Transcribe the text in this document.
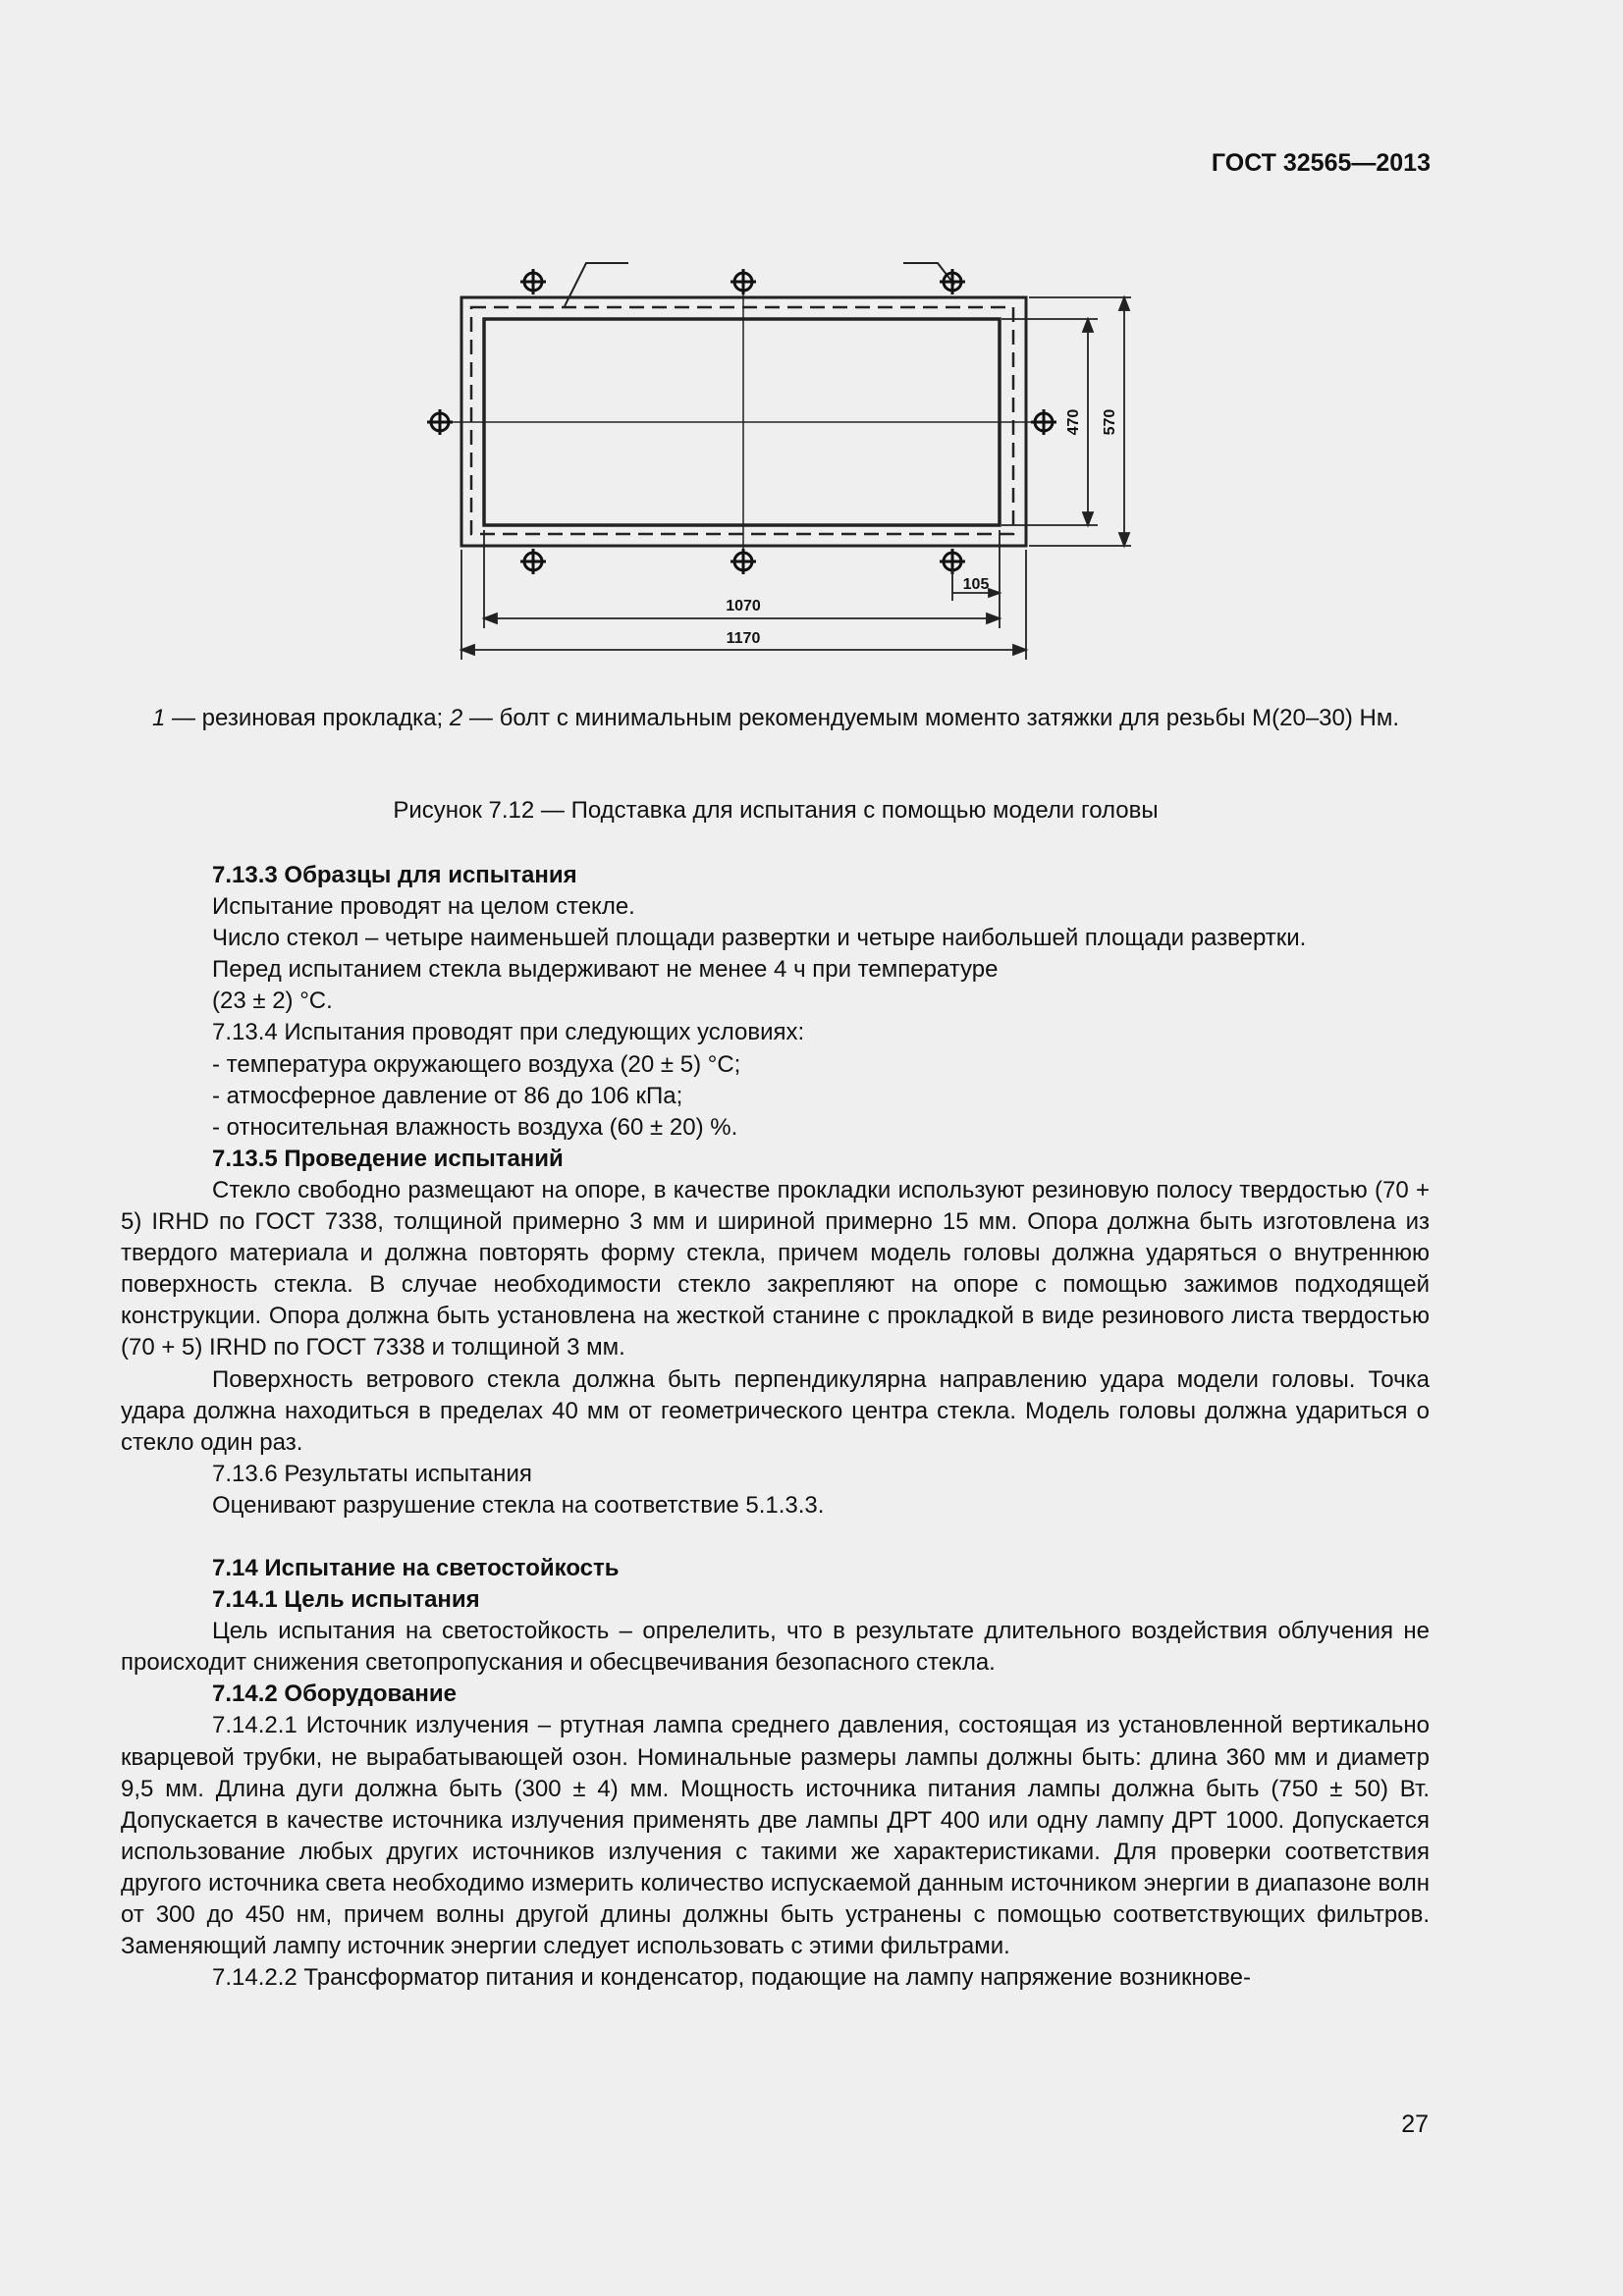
ГОСТ 32565—2013
470 570
105
1070
1170
1 — резиновая прокладка; 2 — болт с минимальным рекомендуемым моменто затяжки для резьбы М(20–30) Нм.
Рисунок 7.12 — Подставка для испытания с помощью модели головы

7.13.3 Образцы для испытания

Испытание проводят на целом стекле.

Число стекол – четыре наименьшей площади развертки и четыре наибольшей площади развертки.

Перед испытанием стекла выдерживают не менее 4 ч при температуре

(23 ± 2) °С.

7.13.4 Испытания проводят при следующих условиях:

- температура окружающего воздуха (20 ± 5) °С;

- атмосферное давление от 86 до 106 кПа;

- относительная влажность воздуха (60 ± 20) %.

7.13.5 Проведение испытаний

Стекло свободно размещают на опоре, в качестве прокладки используют резиновую полосу твердостью (70 + 5) IRHD по ГОСТ 7338, толщиной примерно 3 мм и шириной примерно 15 мм. Опора должна быть изготовлена из твердого материала и должна повторять форму стекла, причем модель головы должна ударяться о внутреннюю поверхность стекла. В случае необходимости стекло закрепляют на опоре с помощью зажимов подходящей конструкции. Опора должна быть установлена на жесткой станине с прокладкой в виде резинового листа твердостью (70 + 5) IRHD по ГОСТ 7338 и толщиной 3 мм.

Поверхность ветрового стекла должна быть перпендикулярна направлению удара модели головы. Точка удара должна находиться в пределах 40 мм от геометрического центра стекла. Модель головы должна удариться о стекло один раз.

7.13.6 Результаты испытания

Оценивают разрушение стекла на соответствие 5.1.3.3.

7.14 Испытание на светостойкость

7.14.1 Цель испытания

Цель испытания на светостойкость – опрелелить, что в результате длительного воздействия облучения не происходит снижения светопропускания и обесцвечивания безопасного стекла.

7.14.2 Оборудование

7.14.2.1 Источник излучения – ртутная лампа среднего давления, состоящая из установленной вертикально кварцевой трубки, не вырабатывающей озон. Номинальные размеры лампы должны быть: длина 360 мм и диаметр 9,5 мм. Длина дуги должна быть (300 ± 4) мм. Мощность источника питания лампы должна быть (750 ± 50) Вт. Допускается в качестве источника излучения применять две лампы ДРТ 400 или одну лампу ДРТ 1000. Допускается использование любых других источников излучения с такими же характеристиками. Для проверки соответствия другого источника света необходимо измерить количество испускаемой данным источником энергии в диапазоне волн от 300 до 450 нм, причем волны другой длины должны быть устранены с помощью соответствующих фильтров. Заменяющий лампу источник энергии следует использовать с этими фильтрами.

7.14.2.2 Трансформатор питания и конденсатор, подающие на лампу напряжение возникнове-

27
